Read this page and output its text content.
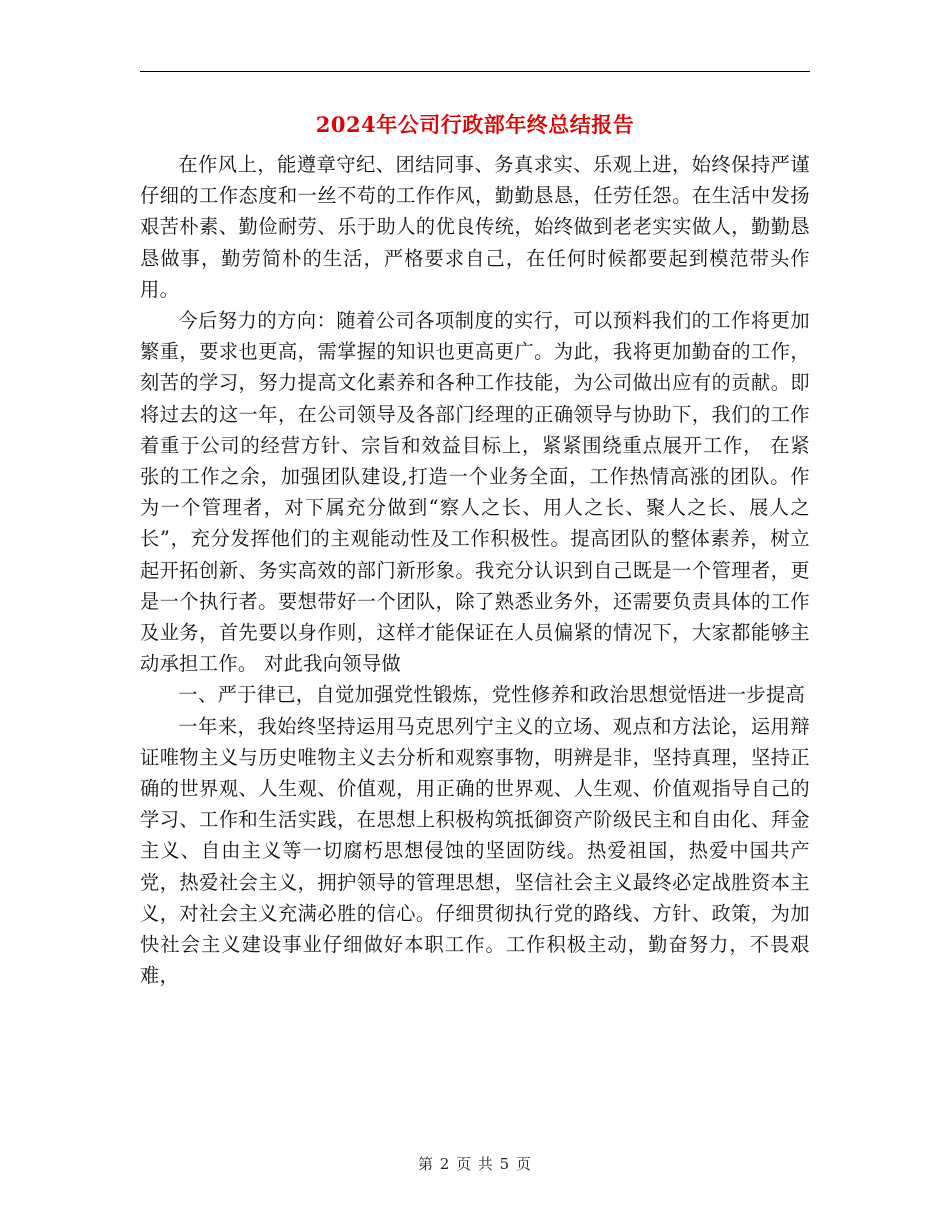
2024年公司行政部年终总结报告

在作风上，能遵章守纪、团结同事、务真求实、乐观上进，始终保持严谨仔细的工作态度和一丝不苟的工作作风，勤勤恳恳，任劳任怨。在生活中发扬艰苦朴素、勤俭耐劳、乐于助人的优良传统，始终做到老老实实做人，勤勤恳恳做事，勤劳简朴的生活，严格要求自己，在任何时候都要起到模范带头作用。

今后努力的方向：随着公司各项制度的实行，可以预料我们的工作将更加繁重，要求也更高，需掌握的知识也更高更广。为此，我将更加勤奋的工作，刻苦的学习，努力提高文化素养和各种工作技能，为公司做出应有的贡献。即将过去的这一年，在公司领导及各部门经理的正确领导与协助下，我们的工作着重于公司的经营方针、宗旨和效益目标上，紧紧围绕重点展开工作， 在紧张的工作之余，加强团队建设,打造一个业务全面，工作热情高涨的团队。作为一个管理者，对下属充分做到“察人之长、用人之长、聚人之长、展人之长”，充分发挥他们的主观能动性及工作积极性。提高团队的整体素养，树立起开拓创新、务实高效的部门新形象。我充分认识到自己既是一个管理者，更是一个执行者。要想带好一个团队，除了熟悉业务外，还需要负责具体的工作及业务，首先要以身作则，这样才能保证在人员偏紧的情况下，大家都能够主动承担工作。 对此我向领导做

一、严于律已，自觉加强党性锻炼，党性修养和政治思想觉悟进一步提高

一年来，我始终坚持运用马克思列宁主义的立场、观点和方法论，运用辩证唯物主义与历史唯物主义去分析和观察事物，明辨是非，坚持真理，坚持正确的世界观、人生观、价值观，用正确的世界观、人生观、价值观指导自己的学习、工作和生活实践，在思想上积极构筑抵御资产阶级民主和自由化、拜金主义、自由主义等一切腐朽思想侵蚀的坚固防线。热爱祖国，热爱中国共产党，热爱社会主义，拥护领导的管理思想，坚信社会主义最终必定战胜资本主义，对社会主义充满必胜的信心。仔细贯彻执行党的路线、方针、政策，为加快社会主义建设事业仔细做好本职工作。工作积极主动，勤奋努力，不畏艰难，

第 2 页 共 5 页
